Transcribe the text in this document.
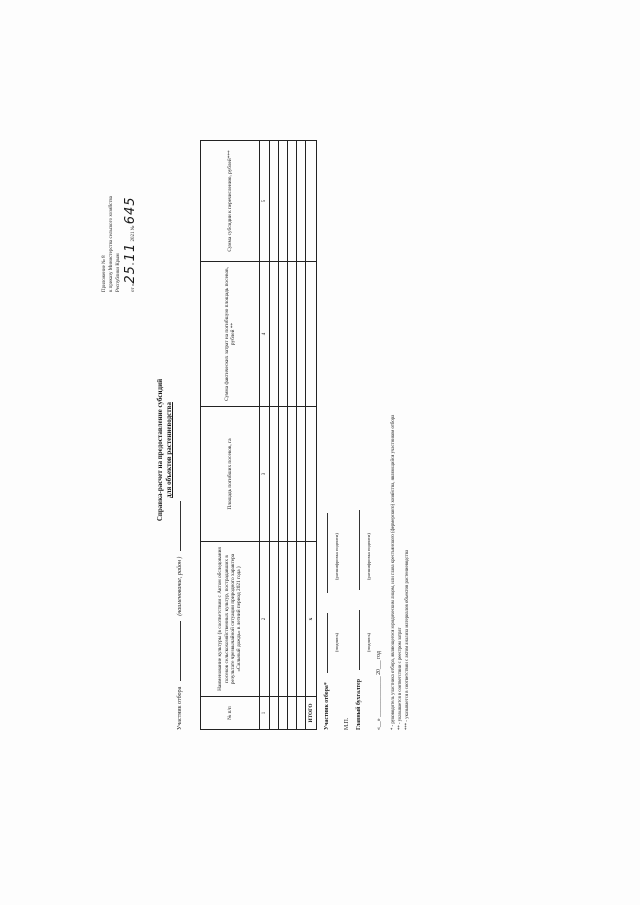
Приложение № 8 к приказу Министерства сельского хозяйства Республики Крым	от «25» 11 2021 № 645
Справка-расчет на предоставление субсидий для объектов растениеводства
Участник отбора  (наименование, район )
№ п/п	Наименование культуры (в соответствии с Актом обследования посевов сельскохозяйственных культур, пострадавших в результате чрезвычайной ситуации природного характера «Сильный дождь» в летний период 2021 года )	Площадь погибших посевов, га	Сумма фактических затрат на погибшую площадь посевов, рублей **	Сумма субсидии к перечислению, рублей***
1	2	3	4	5

ИТОГО	х			
Участник отбора*
(подпись)
(расшифровка подписи)
М.П.	Главный бухгалтер
(подпись)
(расшифровка подписи)
«__» ______________ 20___ год	* - руководитель участника отбора, являющегося юридическим лицом, или глава крестьянского (фермерского) хозяйства, являющийся участником отбора ** - указывается в соответствии с реестром затрат *** - указывается в соответствии с актом анализа материалов объектов растениеводства
